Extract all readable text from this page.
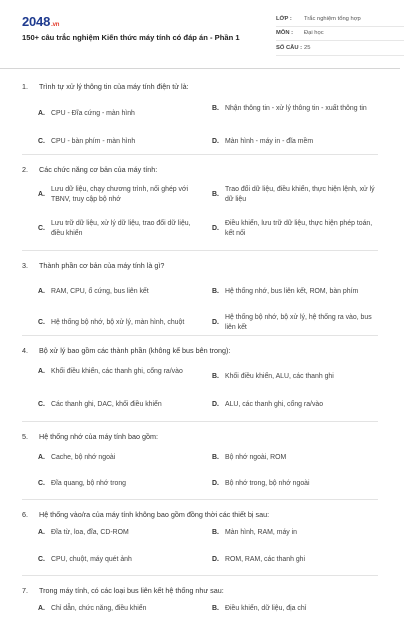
2048.vn
150+ câu trắc nghiệm Kiến thức máy tính có đáp án - Phần 1
LỚP :	Trắc nghiệm tổng hợp
MÔN :	Đại học
SỐ CÂU : 25
1. Trình tự xử lý thông tin của máy tính điện tử là:
A. CPU - Đĩa cứng - màn hình
B. Nhận thông tin - xử lý thông tin - xuất thông tin
C. CPU - bàn phím - màn hình	D. Màn hình - máy in - đĩa mềm
2. Các chức năng cơ bản của máy tính:
A.
Lưu dữ liệu, chạy chương trình, nối ghép với TBNV, truy cập bộ nhớ
B.
Trao đổi dữ liệu, điều khiển, thực hiện lệnh, xử lý dữ liệu
C.
Lưu trữ dữ liệu, xử lý dữ liệu, trao đổi dữ liệu, điều khiển
D.
Điều khiển, lưu trữ dữ liệu, thực hiện phép toán, kết nối
3. Thành phần cơ bản của máy tính là gì?
A. RAM, CPU, ổ cứng, bus liên kết	B. Hệ thống nhớ, bus liên kết, ROM, bàn phím
C. Hệ thống bộ nhớ, bộ xử lý, màn hình, chuột	D.
Hệ thống bộ nhớ, bộ xử lý, hệ thống ra vào, bus liên kết
4. Bộ xử lý bao gồm các thành phần (không kể bus bên trong):
A. Khối điều khiển, các thanh ghi, cổng ra/vào
B. Khối điều khiển, ALU, các thanh ghi
C. Các thanh ghi, DAC, khối điều khiển	D. ALU, các thanh ghi, cổng ra/vào
5. Hệ thống nhớ của máy tính bao gồm:
A. Cache, bộ nhớ ngoài	B. Bộ nhớ ngoài, ROM
C. Đĩa quang, bộ nhớ trong	D. Bộ nhớ trong, bộ nhớ ngoài
6. Hệ thống vào/ra của máy tính không bao gồm đồng thời các thiết bị sau:
A. Đĩa từ, loa, đĩa, CD-ROM	B. Màn hình, RAM, máy in
C. CPU, chuột, máy quét ảnh	D. ROM, RAM, các thanh ghi
7. Trong máy tính, có các loại bus liên kết hệ thống như sau:
A. Chỉ dẫn, chức năng, điều khiển	B. Điều khiển, dữ liệu, địa chỉ
